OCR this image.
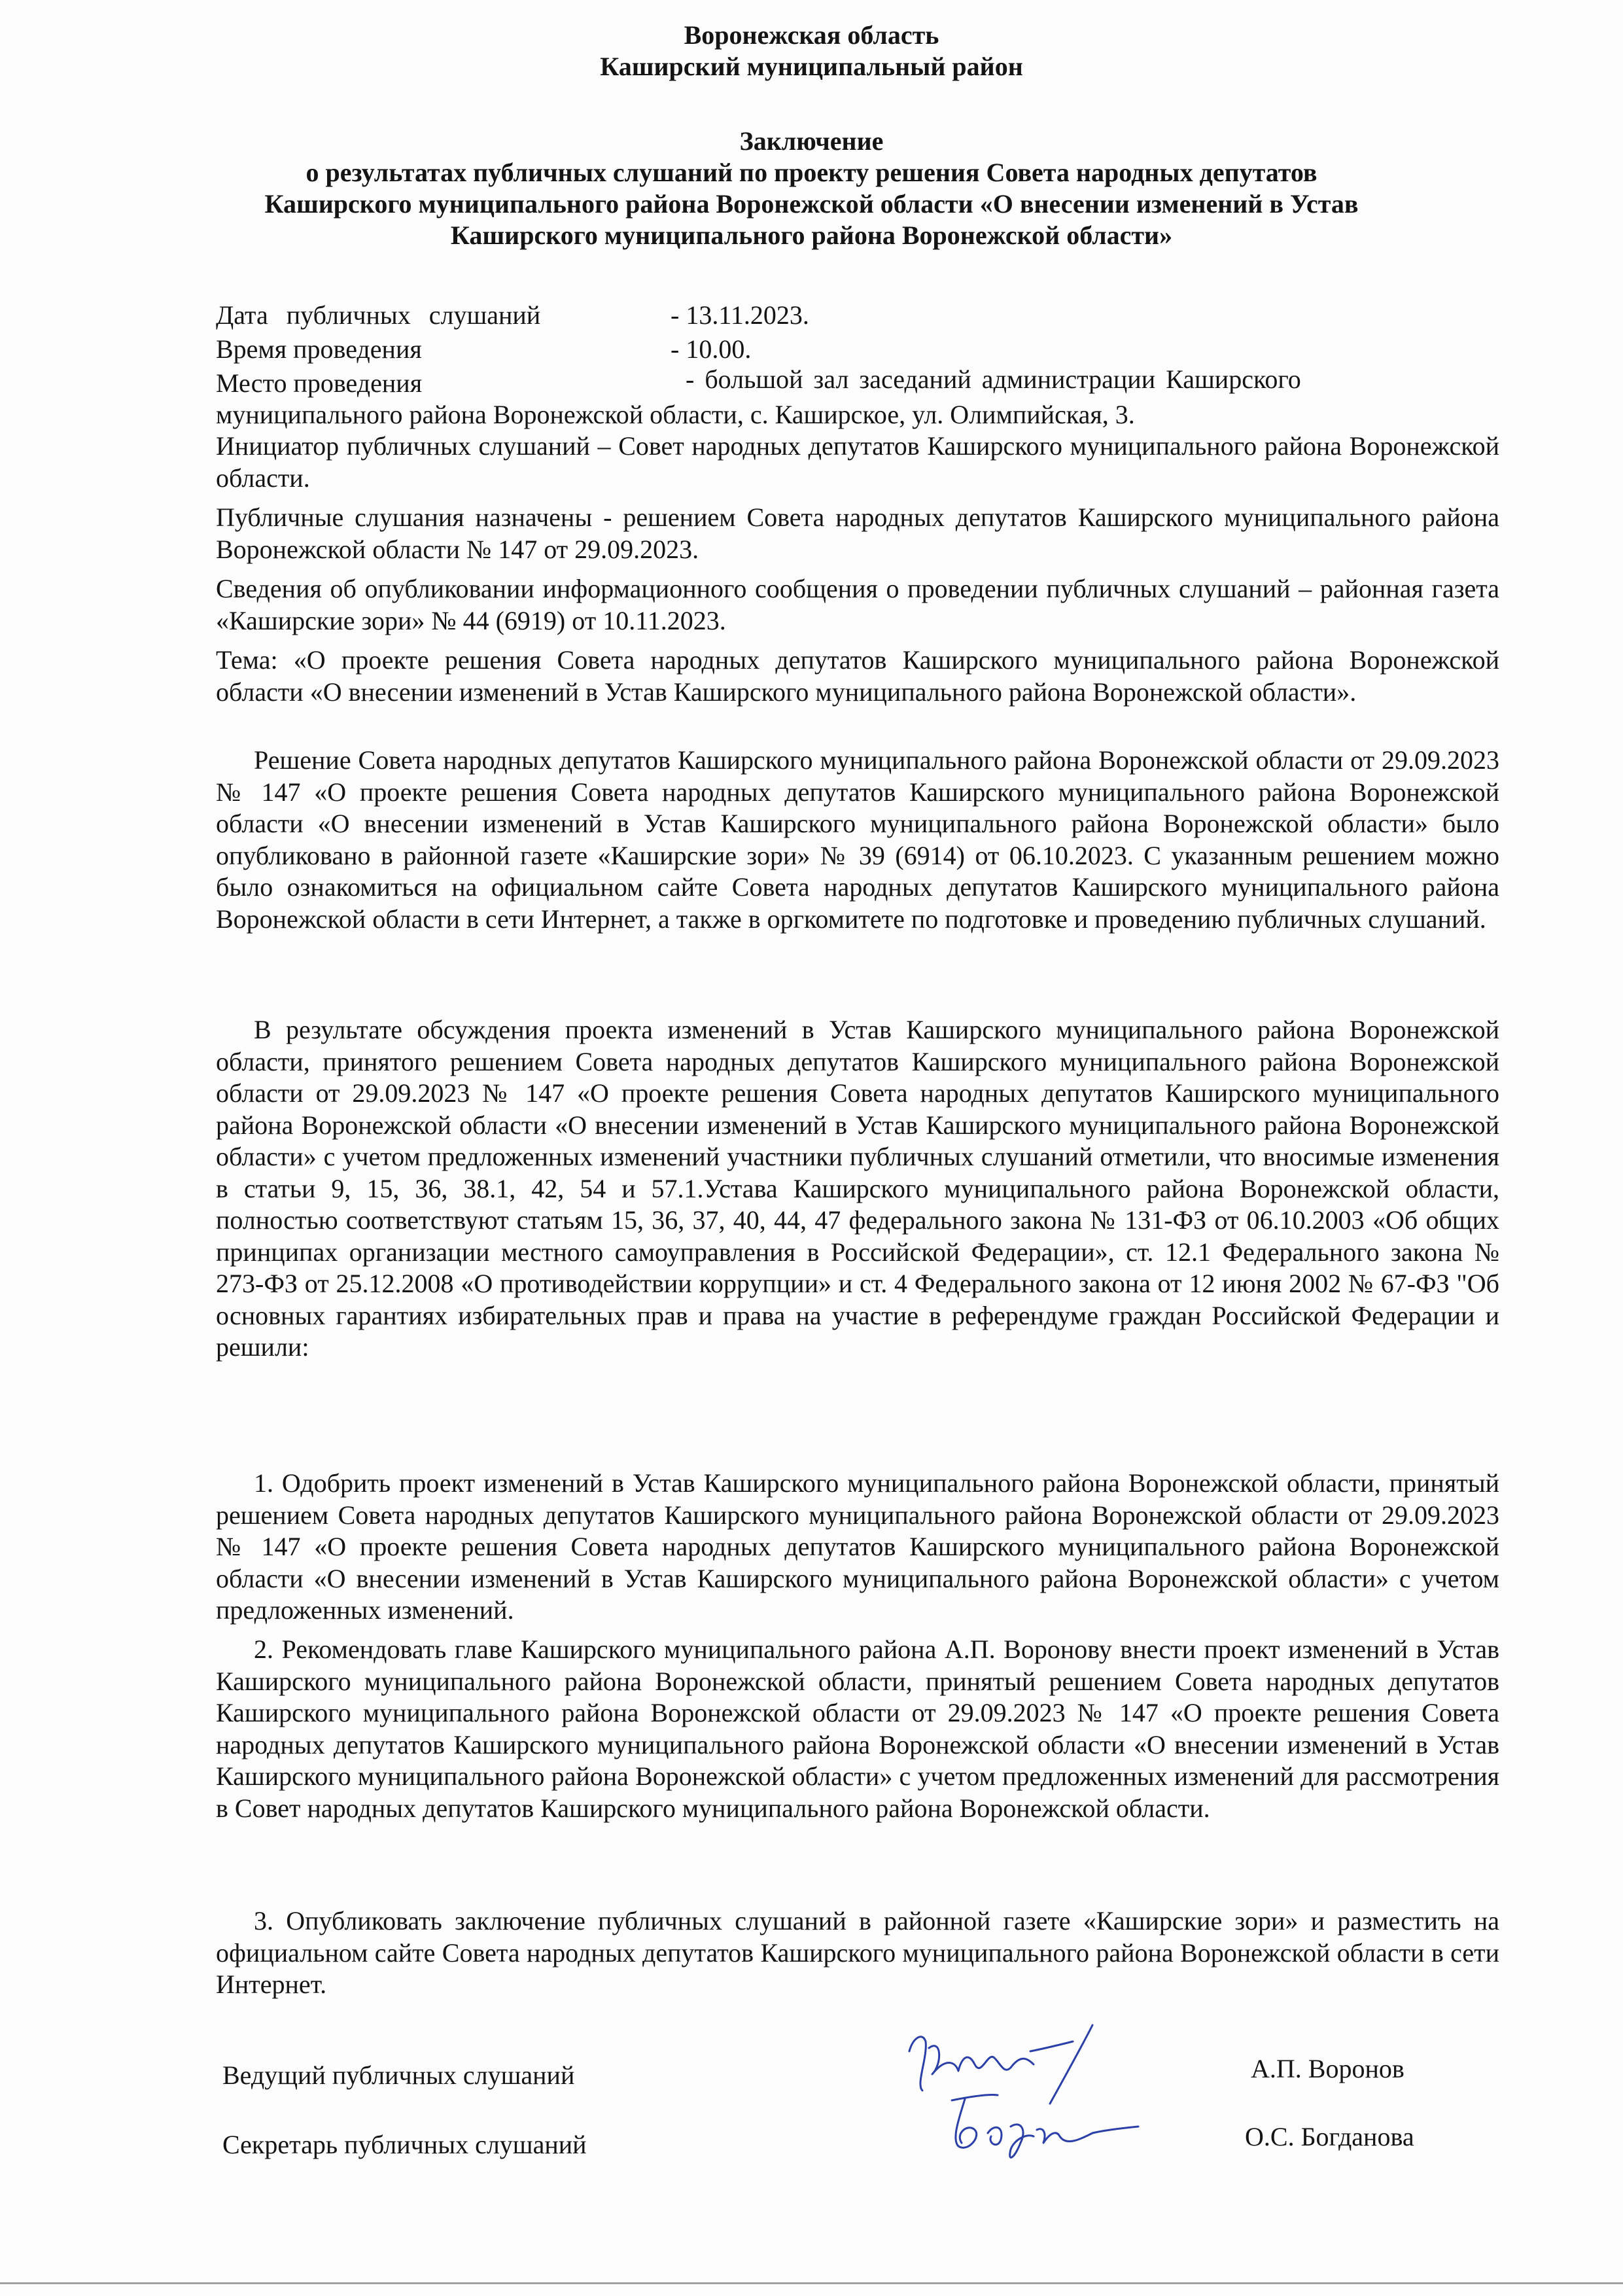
Воронежская область
Каширский муниципальный район
Заключение
о результатах публичных слушаний по проекту решения Совета народных депутатов
Каширского муниципального района Воронежской области «О внесении изменений в Устав
Каширского муниципального района Воронежской области»
Дата публичных слушаний	- 13.11.2023.
Время проведения	- 10.00.
Место проведения	- большой зал заседаний администрации Каширского
муниципального района Воронежской области, с. Каширское, ул. Олимпийская, 3.
Инициатор публичных слушаний – Совет народных депутатов Каширского муниципального района Воронежской области.
Публичные слушания назначены - решением Совета народных депутатов Каширского муниципального района Воронежской области № 147 от 29.09.2023.
Сведения об опубликовании информационного сообщения о проведении публичных слушаний – районная газета «Каширские зори» № 44 (6919) от 10.11.2023.
Тема: «О проекте решения Совета народных депутатов Каширского муниципального района Воронежской области «О внесении изменений в Устав Каширского муниципального района Воронежской области».
Решение Совета народных депутатов Каширского муниципального района Воронежской области от 29.09.2023 № 147 «О проекте решения Совета народных депутатов Каширского муниципального района Воронежской области «О внесении изменений в Устав Каширского муниципального района Воронежской области» было опубликовано в районной газете «Каширские зори» № 39 (6914) от 06.10.2023. С указанным решением можно было ознакомиться на официальном сайте Совета народных депутатов Каширского муниципального района Воронежской области в сети Интернет, а также в оргкомитете по подготовке и проведению публичных слушаний.
В результате обсуждения проекта изменений в Устав Каширского муниципального района Воронежской области, принятого решением Совета народных депутатов Каширского муниципального района Воронежской области от 29.09.2023 № 147 «О проекте решения Совета народных депутатов Каширского муниципального района Воронежской области «О внесении изменений в Устав Каширского муниципального района Воронежской области» с учетом предложенных изменений участники публичных слушаний отметили, что вносимые изменения в статьи 9, 15, 36, 38.1, 42, 54 и 57.1.Устава Каширского муниципального района Воронежской области, полностью соответствуют статьям 15, 36, 37, 40, 44, 47 федерального закона № 131-ФЗ от 06.10.2003 «Об общих принципах организации местного самоуправления в Российской Федерации», ст. 12.1 Федерального закона № 273-ФЗ от 25.12.2008 «О противодействии коррупции» и ст. 4 Федерального закона от 12 июня 2002 № 67-ФЗ "Об основных гарантиях избирательных прав и права на участие в референдуме граждан Российской Федерации и решили:
1. Одобрить проект изменений в Устав Каширского муниципального района Воронежской области, принятый решением Совета народных депутатов Каширского муниципального района Воронежской области от 29.09.2023 № 147 «О проекте решения Совета народных депутатов Каширского муниципального района Воронежской области «О внесении изменений в Устав Каширского муниципального района Воронежской области» с учетом предложенных изменений.
2. Рекомендовать главе Каширского муниципального района А.П. Воронову внести проект изменений в Устав Каширского муниципального района Воронежской области, принятый решением Совета народных депутатов Каширского муниципального района Воронежской области от 29.09.2023 № 147 «О проекте решения Совета народных депутатов Каширского муниципального района Воронежской области «О внесении изменений в Устав Каширского муниципального района Воронежской области» с учетом предложенных изменений для рассмотрения в Совет народных депутатов Каширского муниципального района Воронежской области.
3. Опубликовать заключение публичных слушаний в районной газете «Каширские зори» и разместить на официальном сайте Совета народных депутатов Каширского муниципального района Воронежской области в сети Интернет.
Ведущий публичных слушаний	А.П. Воронов
Секретарь публичных слушаний	О.С. Богданова
